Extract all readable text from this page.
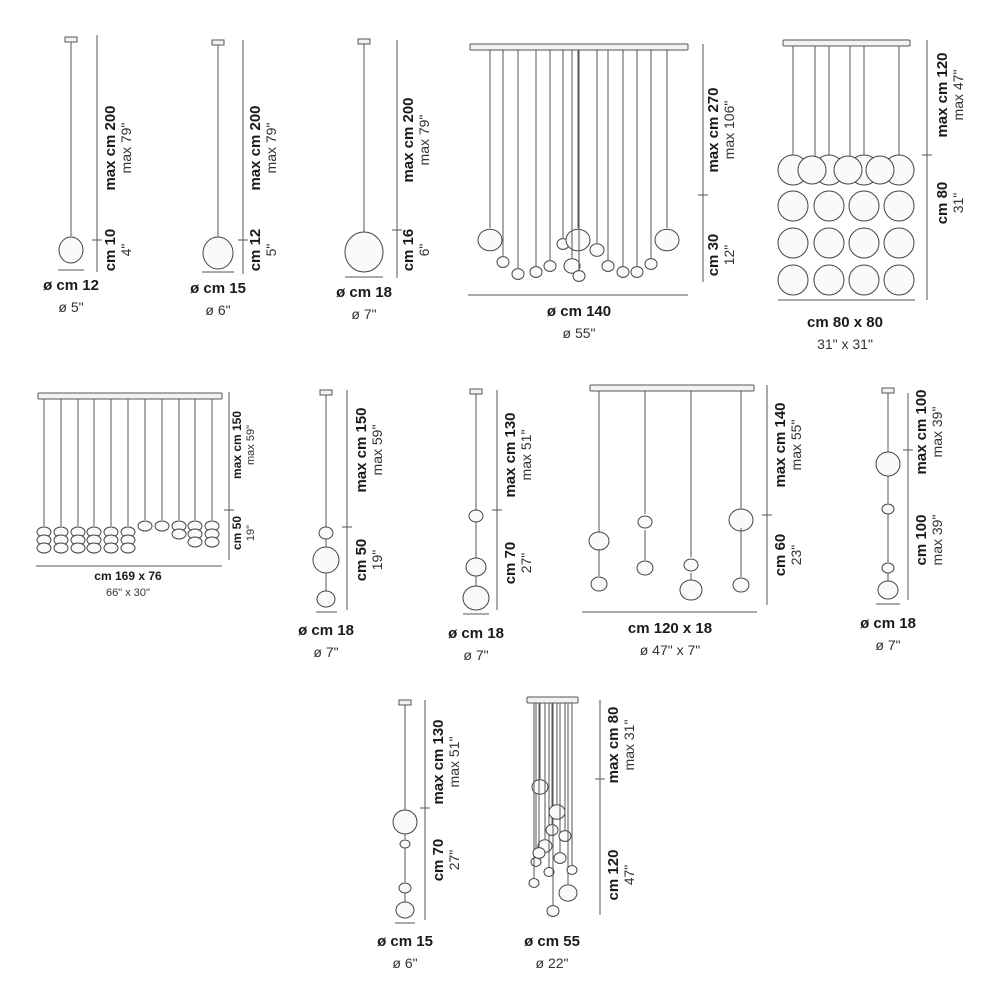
max cm 200 max 79"
cm 10 4"
ø cm 12
ø 5"
max cm 200 max 79"
cm 12 5"
ø cm 15
ø 6"
max cm 200 max 79"
cm 16 6"
ø cm 18
ø 7"
max cm 270 max 106"
cm 30 12"
ø cm 140
ø 55"
max cm 120 max 47"
cm 80 31"
cm 80 x 80
31" x 31"
max cm 150 max 59"
cm 50 19"
cm 169 x 76
66" x 30"
max cm 150 max 59"
cm 50 19"
ø cm 18
ø 7"
max cm 130 max 51"
cm 70 27"
ø cm 18
ø 7"
max cm 140 max 55"
cm 60 23"
cm 120 x 18
ø 47" x 7"
max cm 100 max 39"
cm 100 max 39"
ø cm 18
ø 7"
max cm 130 max 51"
cm 70 27"
ø cm 15
ø 6"
max cm 80 max 31"
cm 120 47"
ø cm 55
ø 22"
